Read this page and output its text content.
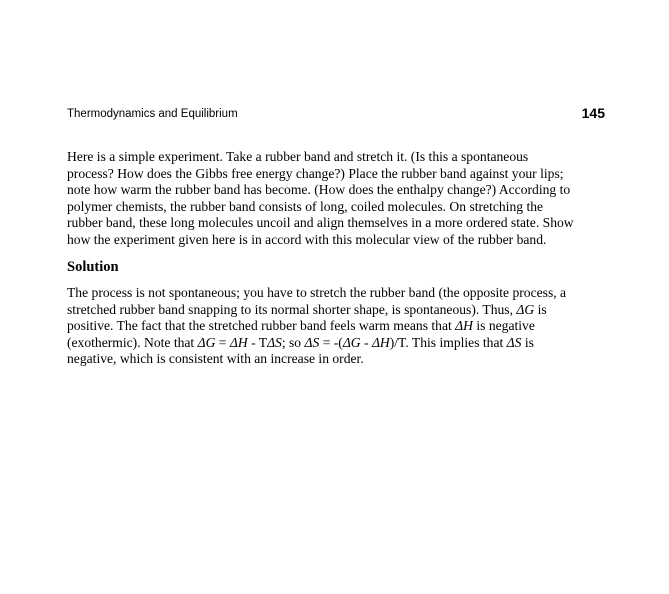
Thermodynamics and Equilibrium	145

Here is a simple experiment. Take a rubber band and stretch it. (Is this a spontaneous
process? How does the Gibbs free energy change?) Place the rubber band against your lips;
note how warm the rubber band has become. (How does the enthalpy change?) According to
polymer chemists, the rubber band consists of long, coiled molecules. On stretching the
rubber band, these long molecules uncoil and align themselves in a more ordered state. Show
how the experiment given here is in accord with this molecular view of the rubber band.

Solution

The process is not spontaneous; you have to stretch the rubber band (the opposite process, a
stretched rubber band snapping to its normal shorter shape, is spontaneous). Thus, ΔG is
positive. The fact that the stretched rubber band feels warm means that ΔH is negative
(exothermic). Note that ΔG = ΔH - TΔS; so ΔS = -(ΔG - ΔH)/T. This implies that ΔS is
negative, which is consistent with an increase in order.
